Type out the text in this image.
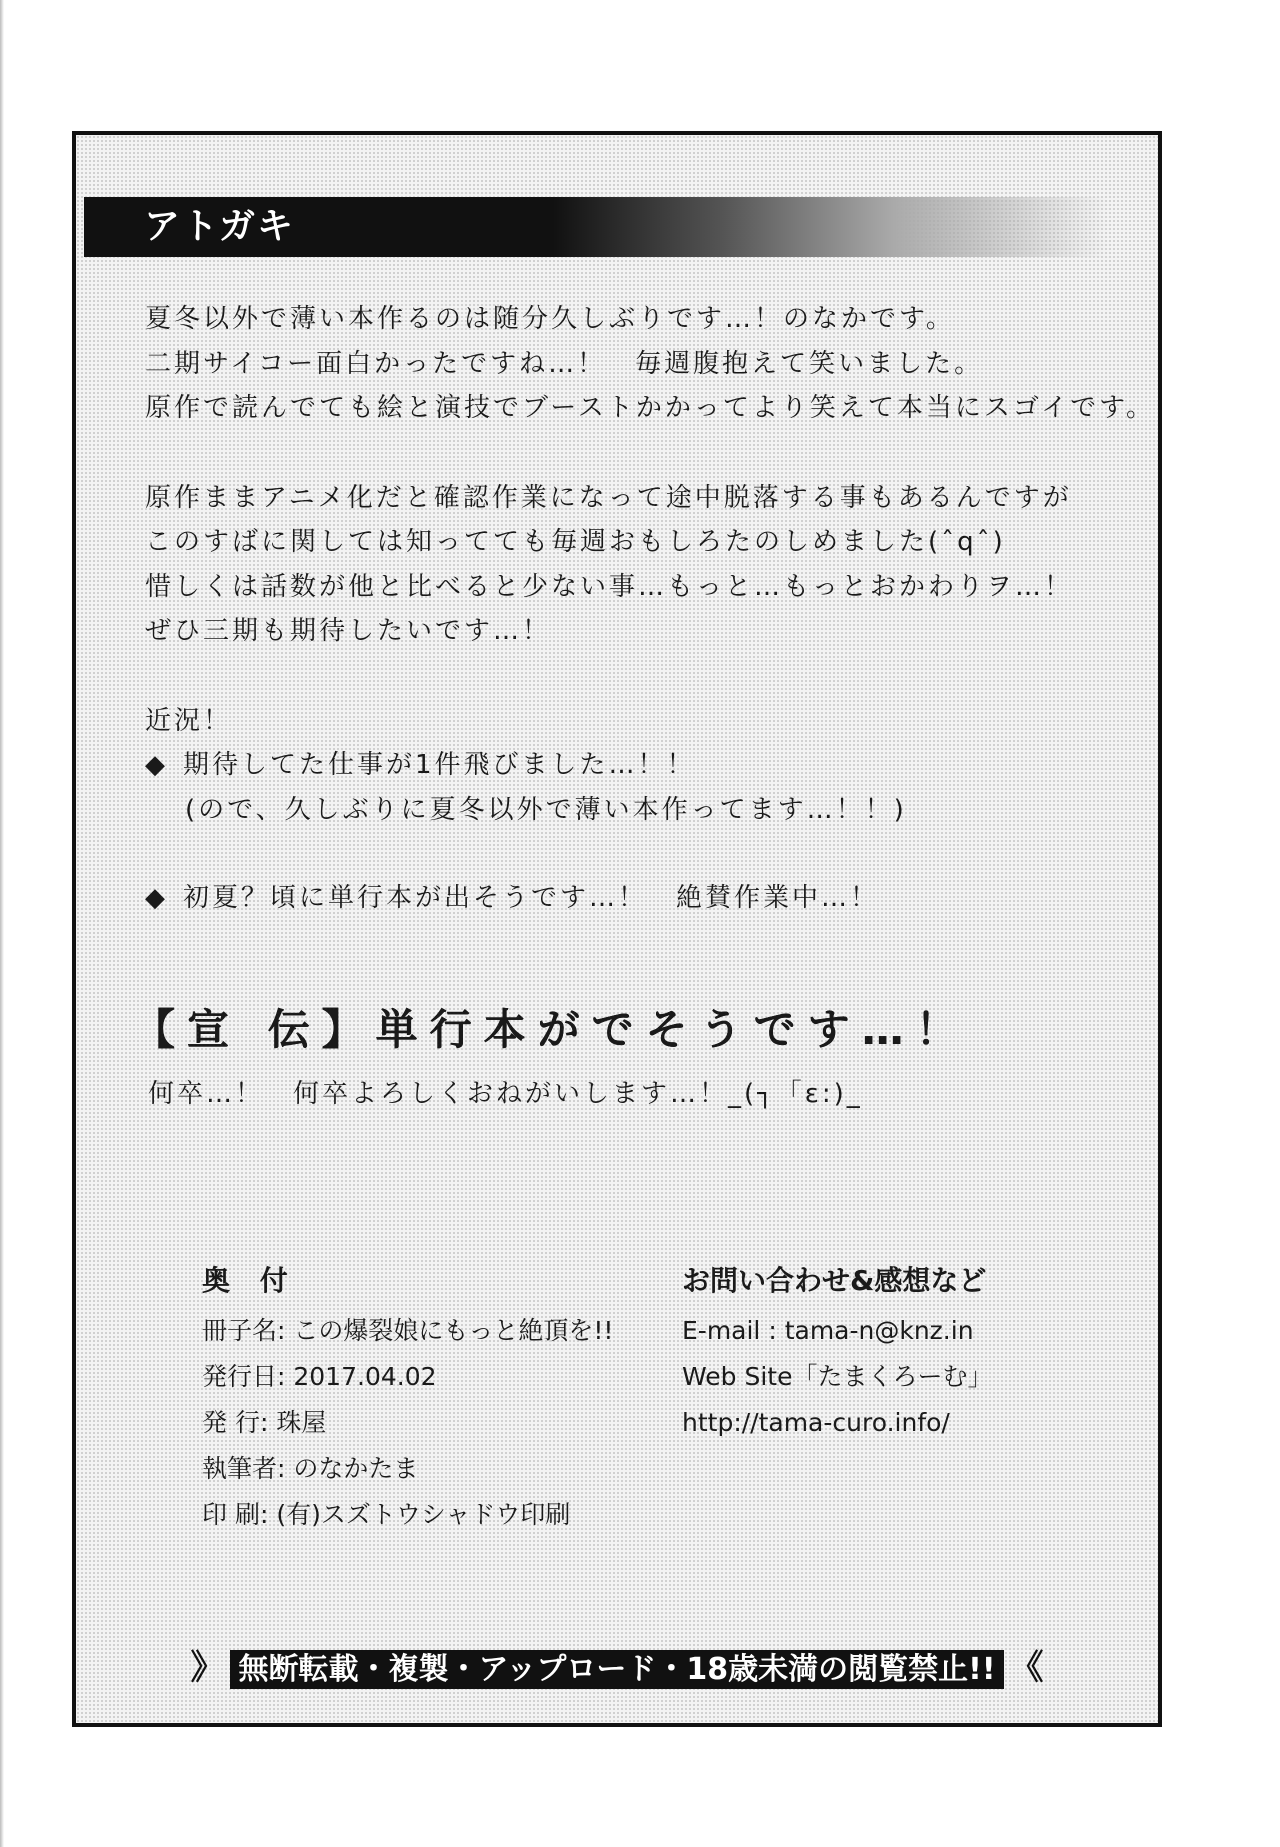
アトガキ

夏冬以外で薄い本作るのは随分久しぶりです…！のなかです。

二期サイコー面白かったですね…！　毎週腹抱えて笑いました。

原作で読んでても絵と演技でブーストかかってより笑えて本当にスゴイです。

原作ままアニメ化だと確認作業になって途中脱落する事もあるんですが

このすばに関しては知ってても毎週おもしろたのしめました(ˆqˆ)

惜しくは話数が他と比べると少ない事…もっと…もっとおかわりヲ…！

ぜひ三期も期待したいです…！

近況！

◆ 期待してた仕事が1件飛びました…！！
(ので、久しぶりに夏冬以外で薄い本作ってます…！！)
◆ 初夏？頃に単行本が出そうです…！　絶賛作業中…！
【宣 伝】単行本がでそうです…！
何卒…！　何卒よろしくおねがいします…！_(┐「ε:)_
奥 付
冊子名: この爆裂娘にもっと絶頂を!!
発行日: 2017.04.02
発 行: 珠屋
執筆者: のなかたま
印 刷: (有)スズトウシャドウ印刷
お問い合わせ&感想など
E-mail : tama-n@knz.in
Web Site「たまくろーむ」
http://tama-curo.info/
》 無断転載・複製・アップロード・18歳未満の閲覧禁止!! 《
